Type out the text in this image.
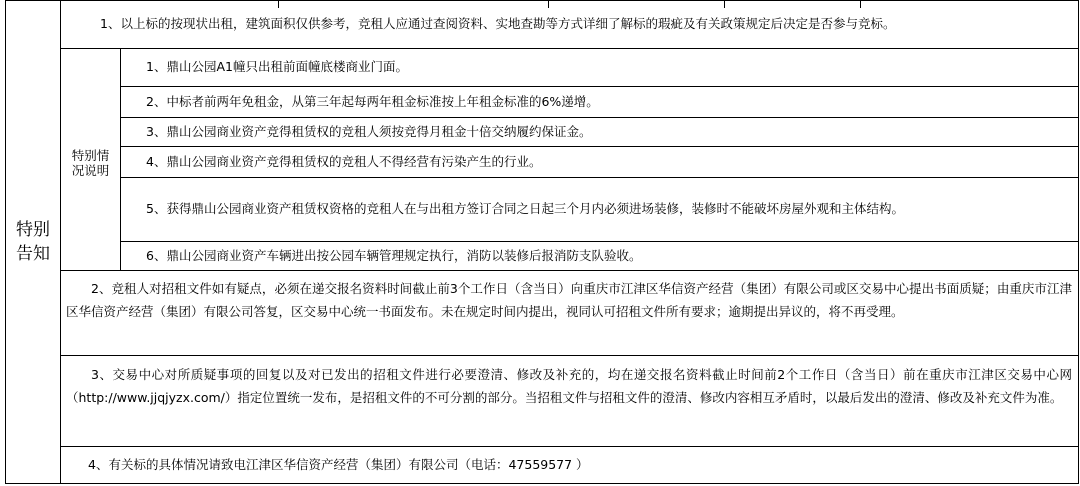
特别
告知
特别情
况说明
1、以上标的按现状出租，建筑面积仅供参考，竞租人应通过查阅资料、实地查勘等方式详细了解标的瑕疵及有关政策规定后决定是否参与竞标。
1、鼎山公园A1幢只出租前面幢底楼商业门面。
2、中标者前两年免租金，从第三年起每两年租金标准按上年租金标准的6%递增。
3、鼎山公园商业资产竞得租赁权的竞租人须按竞得月租金十倍交纳履约保证金。
4、鼎山公园商业资产竞得租赁权的竞租人不得经营有污染产生的行业。
5、获得鼎山公园商业资产租赁权资格的竞租人在与出租方签订合同之日起三个月内必须进场装修，装修时不能破坏房屋外观和主体结构。
6、鼎山公园商业资产车辆进出按公园车辆管理规定执行，消防以装修后报消防支队验收。
2、竞租人对招租文件如有疑点，必须在递交报名资料时间截止前3个工作日（含当日）向重庆市江津区华信资产经营（集团）有限公司或区交易中心提出书面质疑；由重庆市江津区华信资产经营（集团）有限公司答复，区交易中心统一书面发布。未在规定时间内提出，视同认可招租文件所有要求；逾期提出异议的，将不再受理。
3、交易中心对所质疑事项的回复以及对已发出的招租文件进行必要澄清、修改及补充的，均在递交报名资料截止时间前2个工作日（含当日）前在重庆市江津区交易中心网（http://www.jjqjyzx.com/）指定位置统一发布，是招租文件的不可分割的部分。当招租文件与招租文件的澄清、修改内容相互矛盾时，以最后发出的澄清、修改及补充文件为准。
4、有关标的具体情况请致电江津区华信资产经营（集团）有限公司（电话：47559577 ）
